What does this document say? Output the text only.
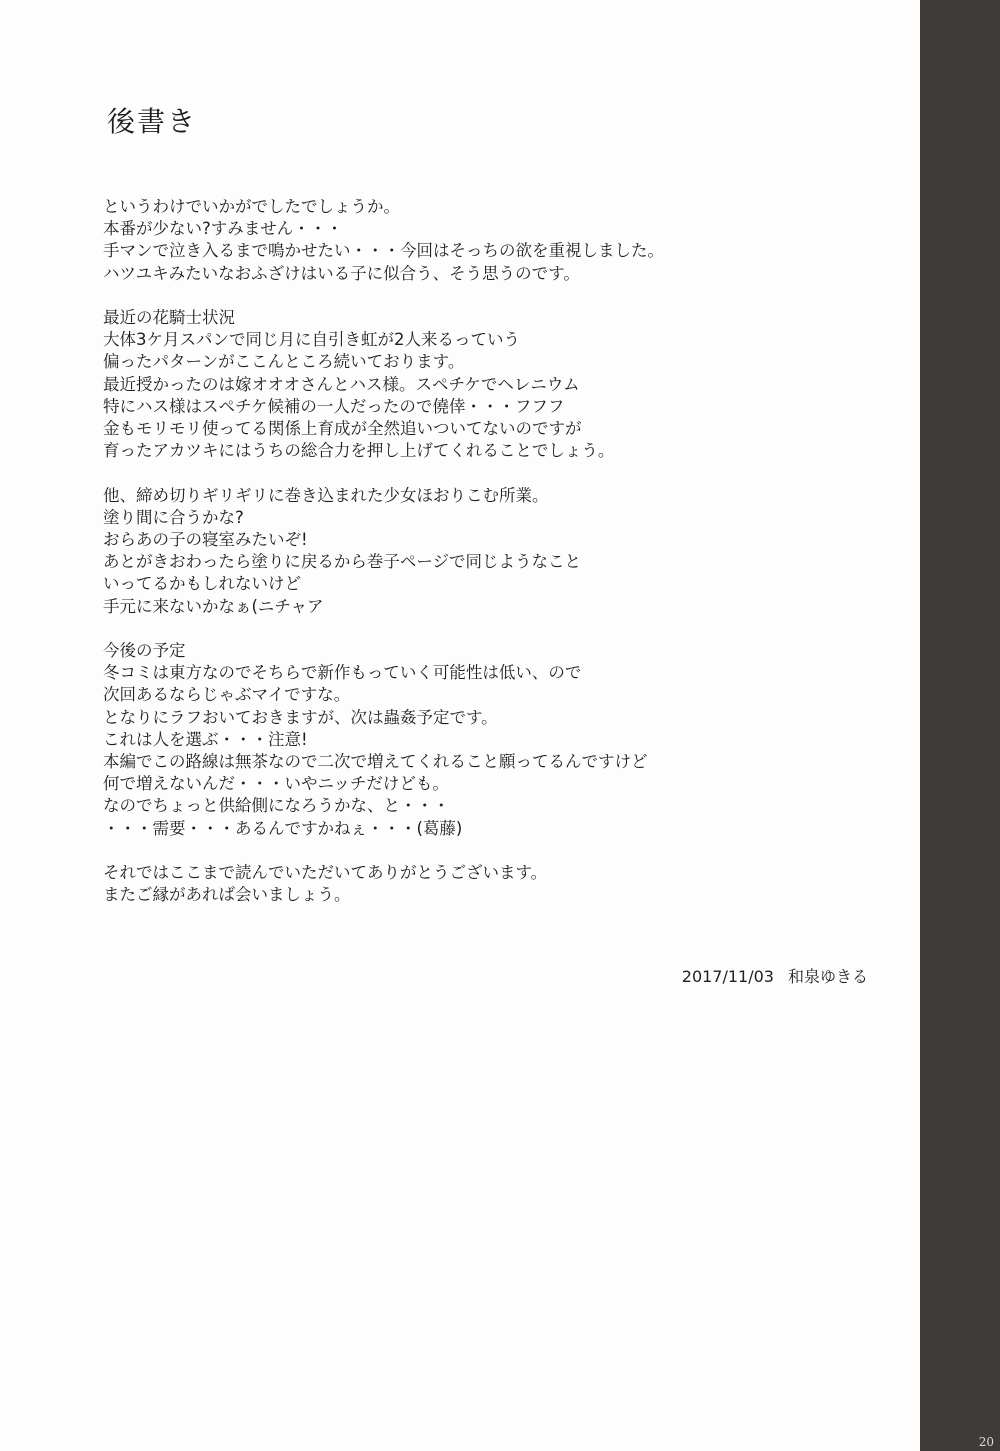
後書き
というわけでいかがでしたでしょうか。
本番が少ない?すみません・・・
手マンで泣き入るまで鳴かせたい・・・今回はそっちの欲を重視しました。
ハツユキみたいなおふざけはいる子に似合う、そう思うのです。
最近の花騎士状況
大体3ケ月スパンで同じ月に自引き虹が2人来るっていう
偏ったパターンがここんところ続いております。
最近授かったのは嫁オオオさんとハス様。スペチケでヘレニウム
特にハス様はスペチケ候補の一人だったので僥倖・・・フフフ
金もモリモリ使ってる関係上育成が全然追いついてないのですが
育ったアカツキにはうちの総合力を押し上げてくれることでしょう。
他、締め切りギリギリに巻き込まれた少女ほおりこむ所業。
塗り間に合うかな?
おらあの子の寝室みたいぞ!
あとがきおわったら塗りに戻るから巻子ページで同じようなこと
いってるかもしれないけど
手元に来ないかなぁ(ニチャア
今後の予定
冬コミは東方なのでそちらで新作もっていく可能性は低い、ので
次回あるならじゃぶマイですな。
となりにラフおいておきますが、次は蟲姦予定です。
これは人を選ぶ・・・注意!
本編でこの路線は無茶なので二次で増えてくれること願ってるんですけど
何で増えないんだ・・・いやニッチだけども。
なのでちょっと供給側になろうかな、と・・・
・・・需要・・・あるんですかねぇ・・・(葛藤)
それではここまで読んでいただいてありがとうございます。
またご縁があれば会いましょう。
2017/11/03 和泉ゆきる
20
